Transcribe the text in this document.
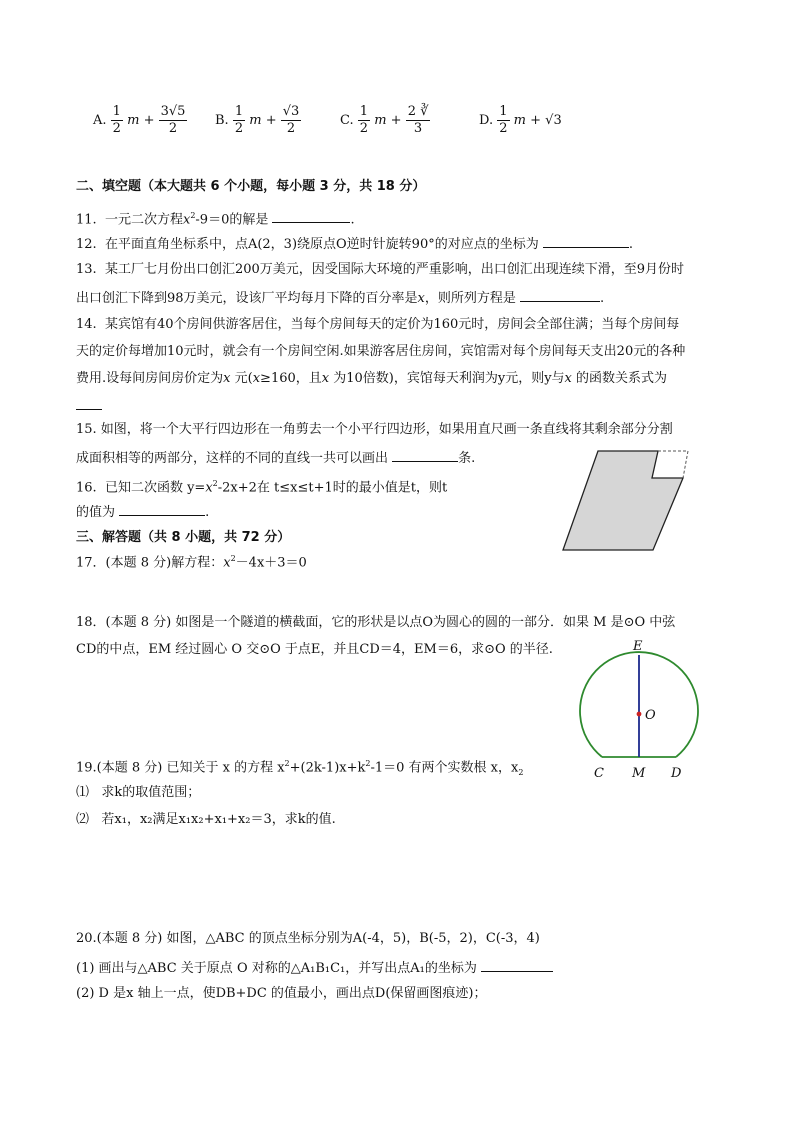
A. $\frac{1}{2}$ $m + \frac{3√5}{2} B$. $\frac{1}{2}$ $m + \frac{√3}{2}$	C. $\frac{1}{2}$ $m + \frac{2 ∛}{3}$	D. $\frac{1}{2}$ m + √3
二、填空题（本大题共 6 个小题，每小题 3 分，共 18 分）
11. 一元二次方程$x^2-9=0$的解是	.
12. 在平面直角坐标系中，点A(2，3)绕原点O逆时针旋转90°的对应点的坐标为	.
13. 某工厂七月份出口创汇200万美元，因受国际大环境的严重影响，出口创汇出现连续下滑，至9月份时
出口创汇下降到98万美元，设该厂平均每月下降的百分率是x，则所列方程是	.
14. 某宾馆有40个房间供游客居住，当每个房间每天的定价为160元时，房间会全部住满；当每个房间每
天的定价每增加10元时，就会有一个房间空闲.如果游客居住房间，宾馆需对每个房间每天支出20元的各种
费用.设每间房间房价定为x 元(x≥160，且x 为10倍数)，宾馆每天利润为y元，则y与x 的函数关系式为
15. 如图，将一个大平行四边形在一角剪去一个小平行四边形，如果用直尺画一条直线将其剩余部分分割
成面积相等的两部分，这样的不同的直线一共可以画出	条.
16. 已知二次函数 $y=x^2-2x+2$在 t≤x≤t+1时的最小值是t，则t
的值为	.
三、解答题（共 8 小题，共 72 分）
17．(本题 8 分)解方程：$x^2-4x+3=0$
18．(本题 8 分) 如图是一个隧道的横截面，它的形状是以点O为圆心的圆的一部分．如果 M 是⊙O 中弦
CD的中点，EM 经过圆心 O 交⊙O 于点E，并且CD＝4，EM＝6，求⊙O 的半径.	E
O
C M D
19.(本题 8 分) 已知关于 x 的方程 $x^2+(2k-1)x+k^2-1=0$ 有两个实数根 x，$x_2$
⑴ 求k的取值范围；
⑵ 若x₁，x₂满足x₁x₂+x₁+x₂＝3，求k的值.
20.(本题 8 分) 如图，△ABC 的顶点坐标分别为A(-4，5)，B(-5，2)，C(-3，4)
(1) 画出与△ABC 关于原点 O 对称的△A₁B₁C₁，并写出点A₁的坐标为
(2) D 是x 轴上一点，使DB+DC 的值最小，画出点D(保留画图痕迹)；
